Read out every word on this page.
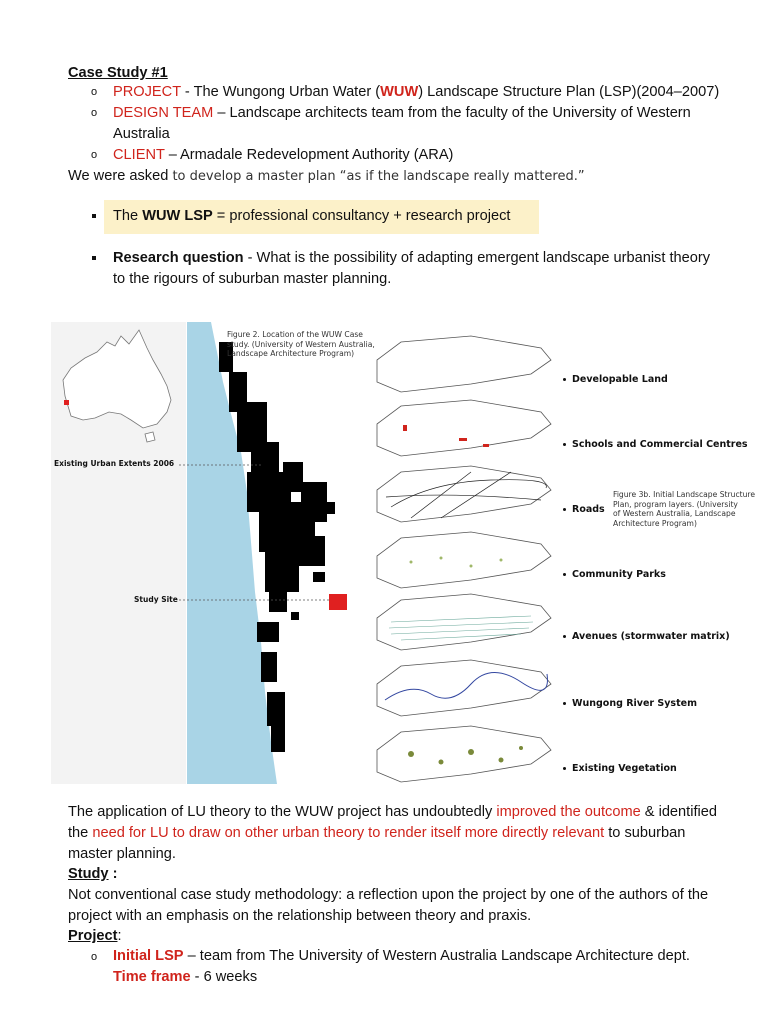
Case Study #1
o PROJECT - The Wungong Urban Water (WUW) Landscape Structure Plan (LSP)(2004–2007)
o DESIGN TEAM – Landscape architects team from the faculty of the University of Western
Australia
o CLIENT – Armadale Redevelopment Authority (ARA)
We were asked to develop a master plan “as if the landscape really mattered.”
The WUW LSP = professional consultancy + research project
Research question - What is the possibility of adapting emergent landscape urbanist theory
to the rigours of suburban master planning.
Figure 2. Location of the WUW Case
study. (University of Western Australia,
Landscape Architecture Program)
Existing Urban Extents 2006
Study Site
Figure 3b. Initial Landscape Structure
Plan, program layers. (University
of Western Australia, Landscape
Architecture Program)
Developable Land
Schools and Commercial Centres
Roads
Community Parks
Avenues (stormwater matrix)
Wungong River System
Existing Vegetation
The application of LU theory to the WUW project has undoubtedly improved the outcome & identified
the need for LU to draw on other urban theory to render itself more directly relevant to suburban
master planning.
Study :
Not conventional case study methodology: a reflection upon the project by one of the authors of the
project with an emphasis on the relationship between theory and praxis.
Project:
o Initial LSP – team from The University of Western Australia Landscape Architecture dept.
Time frame - 6 weeks
